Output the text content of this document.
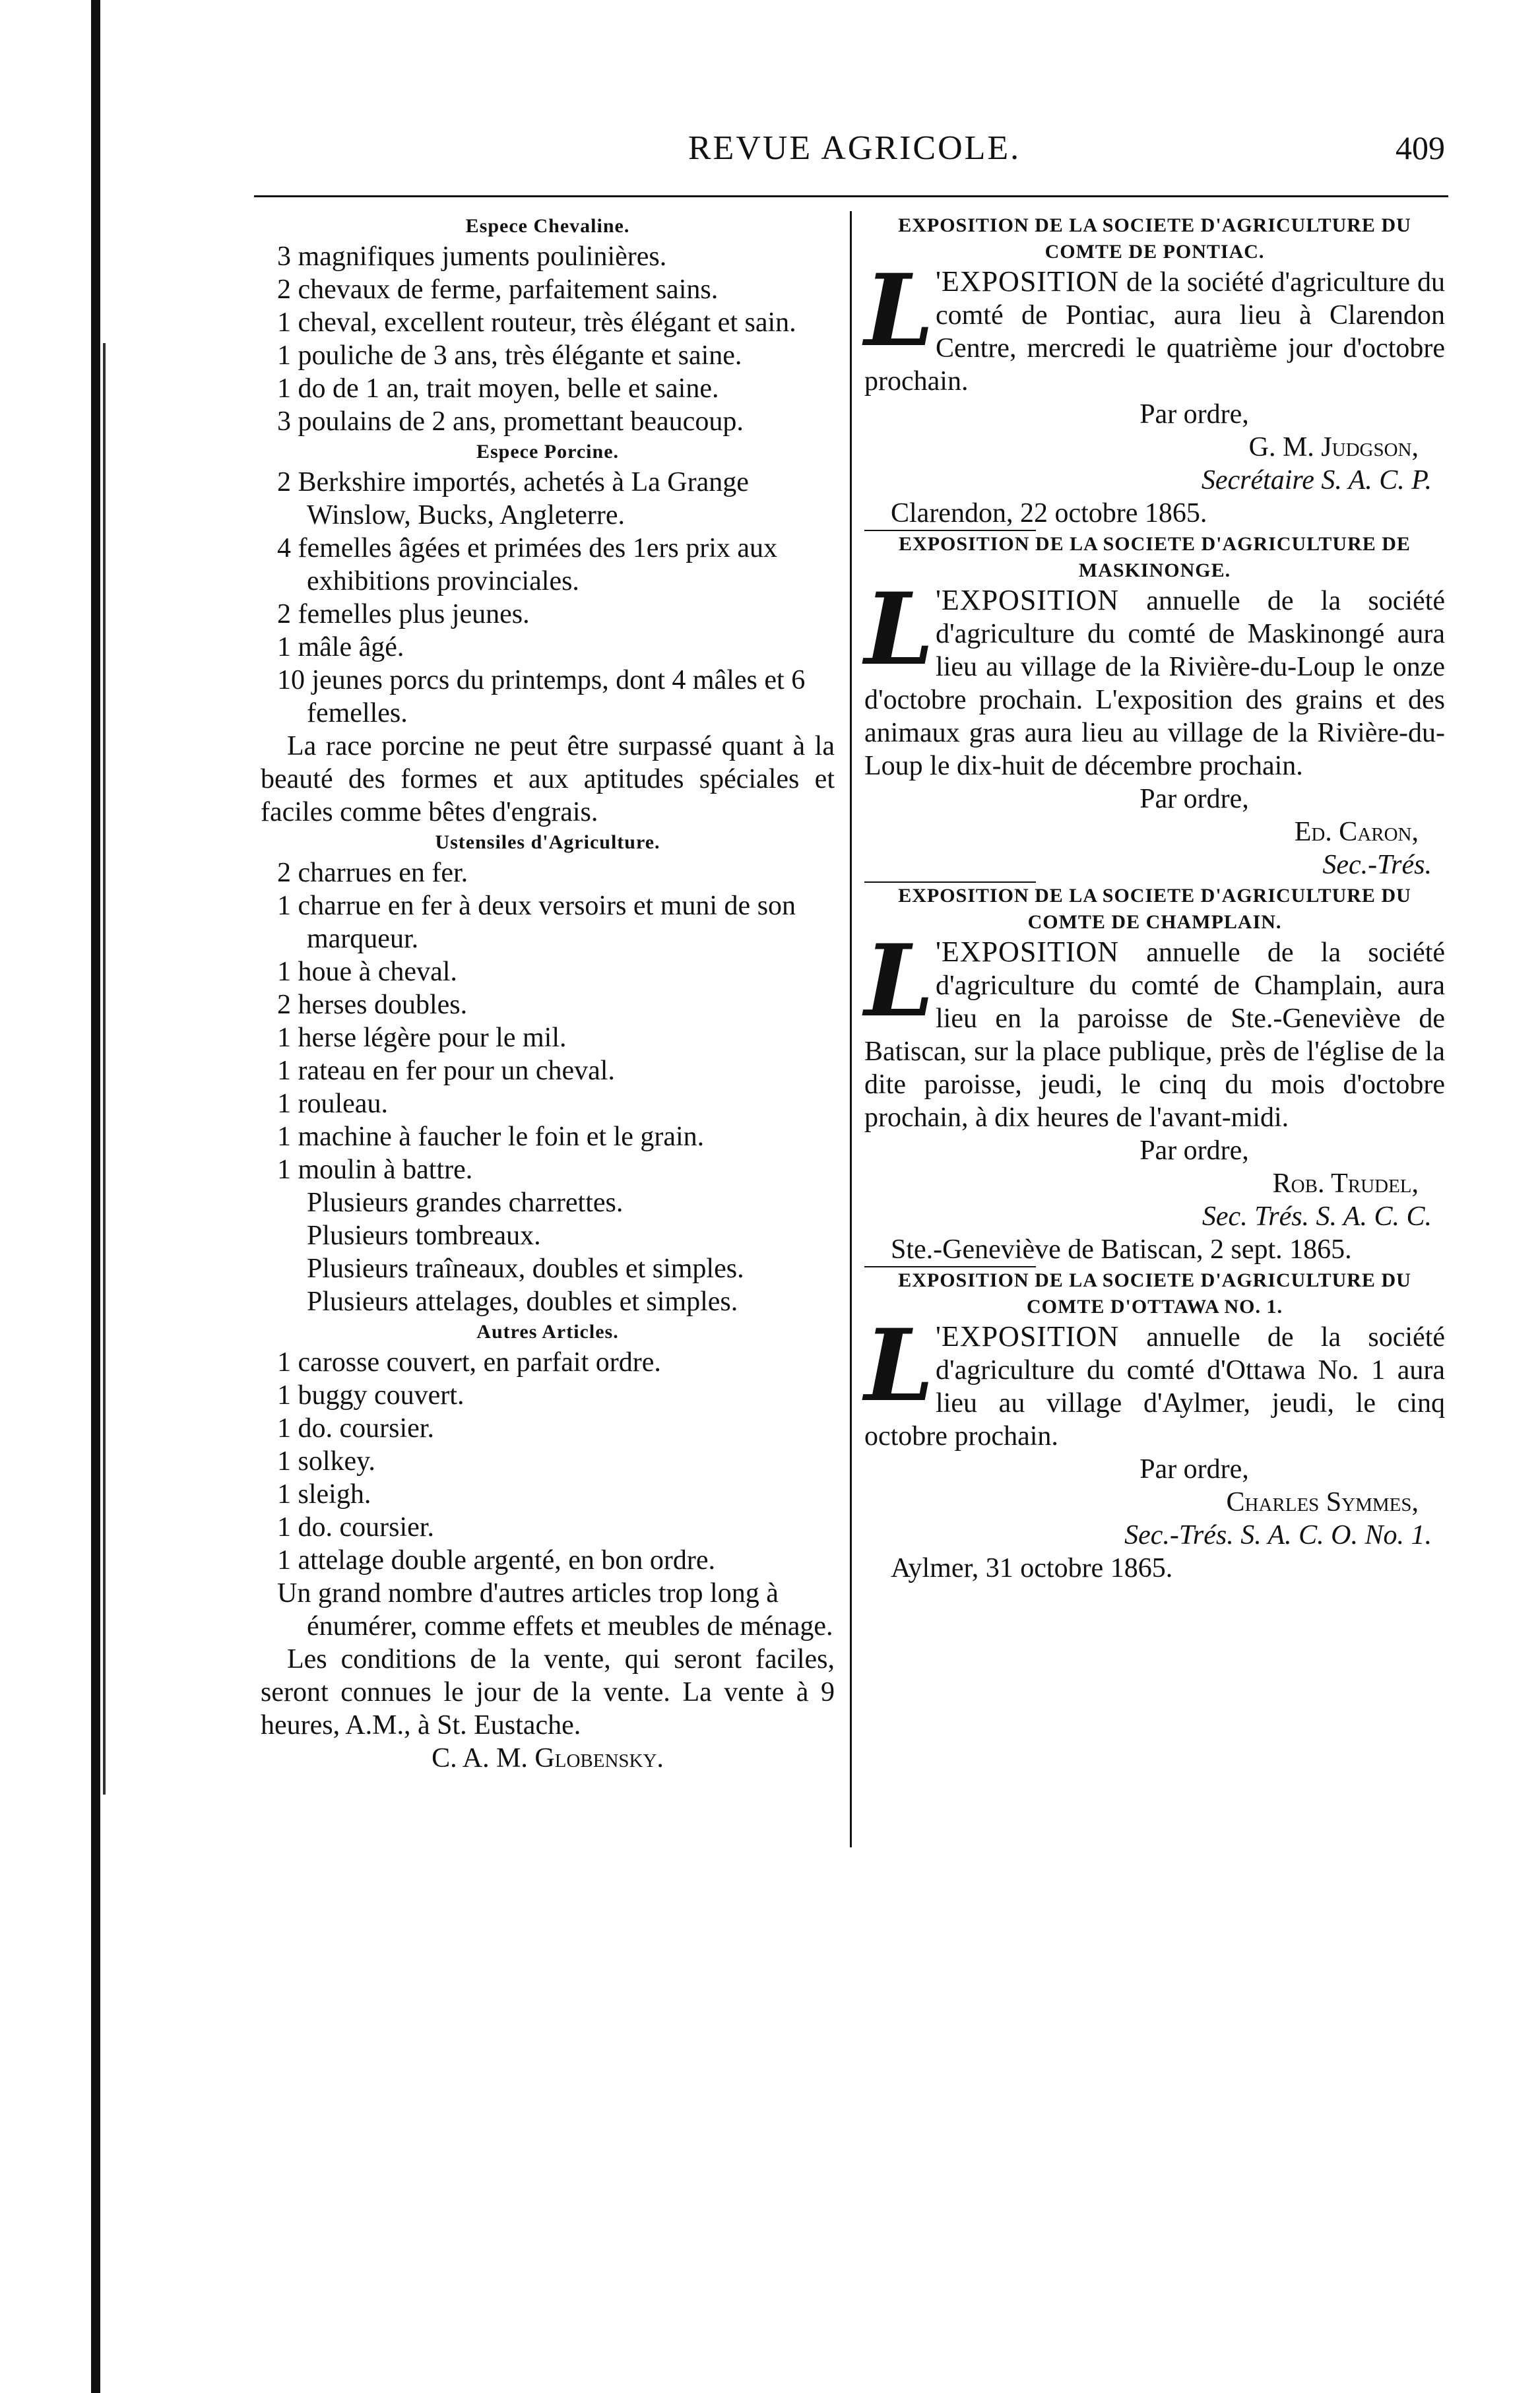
REVUE AGRICOLE.	409
Espece Chevaline.
3 magnifiques juments poulinières.
2 chevaux de ferme, parfaitement sains.
1 cheval, excellent routeur, très élégant et sain.
1 pouliche de 3 ans, très élégante et saine.
1 do de 1 an, trait moyen, belle et saine.
3 poulains de 2 ans, promettant beaucoup.
Espece Porcine.
2 Berkshire importés, achetés à La Grange Winslow, Bucks, Angleterre.
4 femelles âgées et primées des 1ers prix aux exhibitions provinciales.
2 femelles plus jeunes.
1 mâle âgé.
10 jeunes porcs du printemps, dont 4 mâles et 6 femelles.

La race porcine ne peut être surpassé quant à la beauté des formes et aux aptitudes spéciales et faciles comme bêtes d'engrais.

Ustensiles d'Agriculture.
2 charrues en fer.
1 charrue en fer à deux versoirs et muni de son marqueur.
1 houe à cheval.
2 herses doubles.
1 herse légère pour le mil.
1 rateau en fer pour un cheval.
1 rouleau.
1 machine à faucher le foin et le grain.
1 moulin à battre.
Plusieurs grandes charrettes.
Plusieurs tombreaux.
Plusieurs traîneaux, doubles et simples.
Plusieurs attelages, doubles et simples.
Autres Articles.
1 carosse couvert, en parfait ordre.
1 buggy couvert.
1 do. coursier.
1 solkey.
1 sleigh.
1 do. coursier.
1 attelage double argenté, en bon ordre.
Un grand nombre d'autres articles trop long à énumérer, comme effets et meubles de ménage.

Les conditions de la vente, qui seront faciles, seront connues le jour de la vente. La vente à 9 heures, A.M., à St. Eustache.

C. A. M. Globensky.
EXPOSITION DE LA SOCIETE D'AGRICULTURE DU COMTE DE PONTIAC.
L 'EXPOSITION de la société d'agriculture du comté de Pontiac, aura lieu à Clarendon Centre, mercredi le quatrième jour d'octobre prochain.
Par ordre,
G. M. Judgson,
Secrétaire S. A. C. P.
Clarendon, 22 octobre 1865.
EXPOSITION DE LA SOCIETE D'AGRICULTURE DE MASKINONGE.
L 'EXPOSITION annuelle de la société d'agriculture du comté de Maskinongé aura lieu au village de la Rivière-du-Loup le onze d'octobre prochain. L'exposition des grains et des animaux gras aura lieu au village de la Rivière-du-Loup le dix-huit de décembre prochain.
Par ordre,
Ed. Caron,
Sec.-Trés.
EXPOSITION DE LA SOCIETE D'AGRICULTURE DU COMTE DE CHAMPLAIN.
L 'EXPOSITION annuelle de la société d'agriculture du comté de Champlain, aura lieu en la paroisse de Ste.-Geneviève de Batiscan, sur la place publique, près de l'église de la dite paroisse, jeudi, le cinq du mois d'octobre prochain, à dix heures de l'avant-midi.
Par ordre,
Rob. Trudel,
Sec. Trés. S. A. C. C.
Ste.-Geneviève de Batiscan, 2 sept. 1865.
EXPOSITION DE LA SOCIETE D'AGRICULTURE DU COMTE D'OTTAWA NO. 1.
L 'EXPOSITION annuelle de la société d'agriculture du comté d'Ottawa No. 1 aura lieu au village d'Aylmer, jeudi, le cinq octobre prochain.
Par ordre,
Charles Symmes,
Sec.-Trés. S. A. C. O. No. 1.
Aylmer, 31 octobre 1865.
